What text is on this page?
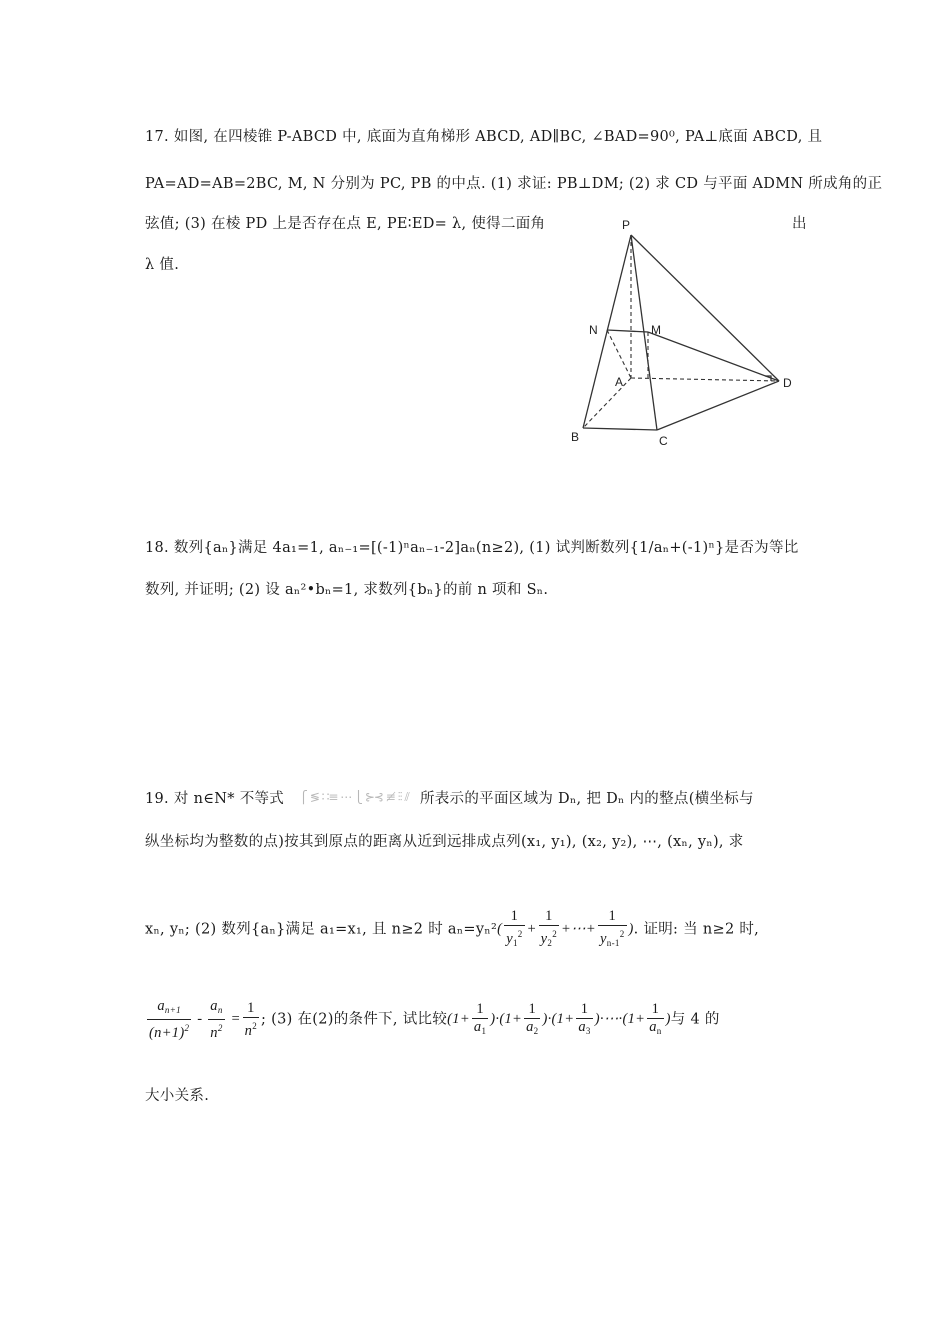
17. 如图, 在四棱锥 P-ABCD 中, 底面为直角梯形 ABCD, AD∥BC, ∠BAD=90⁰, PA⊥底面 ABCD, 且
PA=AD=AB=2BC, M, N 分别为 PC, PB 的中点. (1) 求证: PB⊥DM; (2) 求 CD 与平面 ADMN 所成角的正
弦值; (3) 在棱 PD 上是否存在点 E, PE∶ED= λ, 使得二面角	出
λ 值.
P
N	M
A	D
B	C
18. 数列{aₙ}满足 4a₁=1, aₙ₋₁=[(-1)ⁿaₙ₋₁-2]aₙ(n≥2), (1) 试判断数列{1/aₙ+(-1)ⁿ}是否为等比
数列, 并证明; (2) 设 aₙ²•bₙ=1, 求数列{bₙ}的前 n 项和 Sₙ.
19. 对 n∈N* 不等式 ⎧ ≶ ∷≡ ⋯ ⎩ ⊱⊰ ≢ ⫶⫶ ⫽ 所表示的平面区域为 Dₙ, 把 Dₙ 内的整点(横坐标与
纵坐标均为整数的点)按其到原点的距离从近到远排成点列(x₁, y₁), (x₂, y₂), ⋯, (xₙ, yₙ), 求
xₙ, yₙ; (2) 数列{aₙ}满足 a₁=x₁, 且 n≥2 时 $a_n=y_n^2( \frac{1}{y_1^2} + \frac{1}{y_2^2}$ +⋯+ $\frac{1}{y_{n-1}^2}$ ). 证明: 当 n≥2 时,
$\frac{a_{n+1}}{(n+1)^2} - \frac{a_n}{n^2} = \frac{1}{n^2}$ ; (3) 在(2)的条件下, 试比较$(1+ \frac{1}{a_1} )\cdot(1+ \frac{1}{a_2} )\cdot(1+ \frac{1}{a_3}$ )·⋯·(1+ $\frac{1}{a_n}$ )与 4 的
大小关系.
